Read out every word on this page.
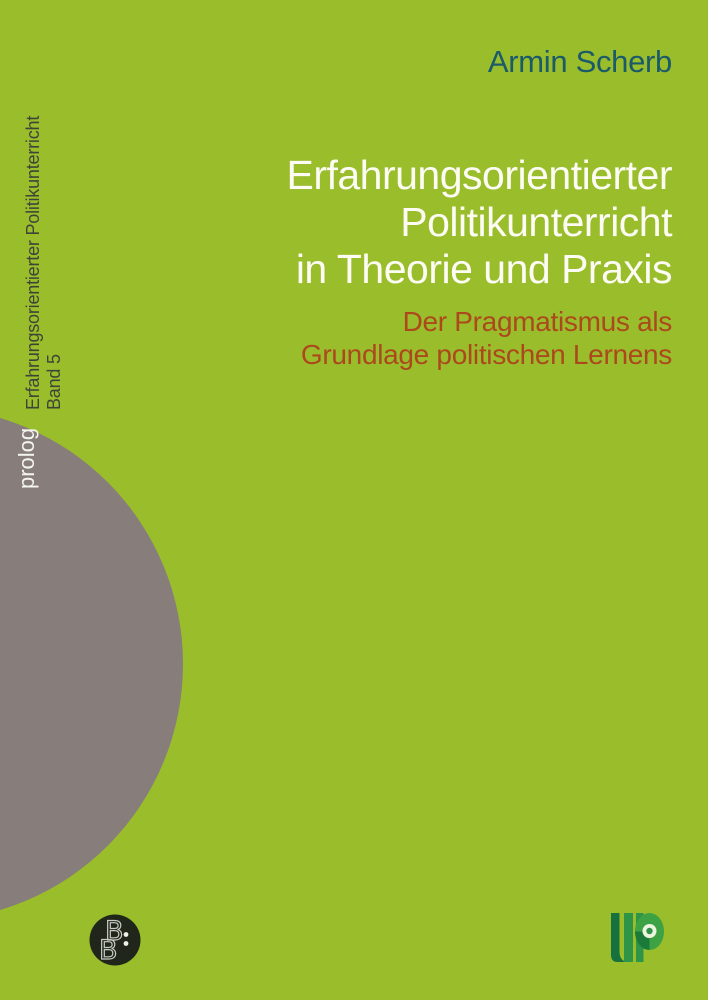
Erfahrungsorientierter Politikunterricht Band 5
prolog
Armin Scherb
Erfahrungsorientierter
Politikunterricht
in Theorie und Praxis
Der Pragmatismus als
Grundlage politischen Lernens
B
B
